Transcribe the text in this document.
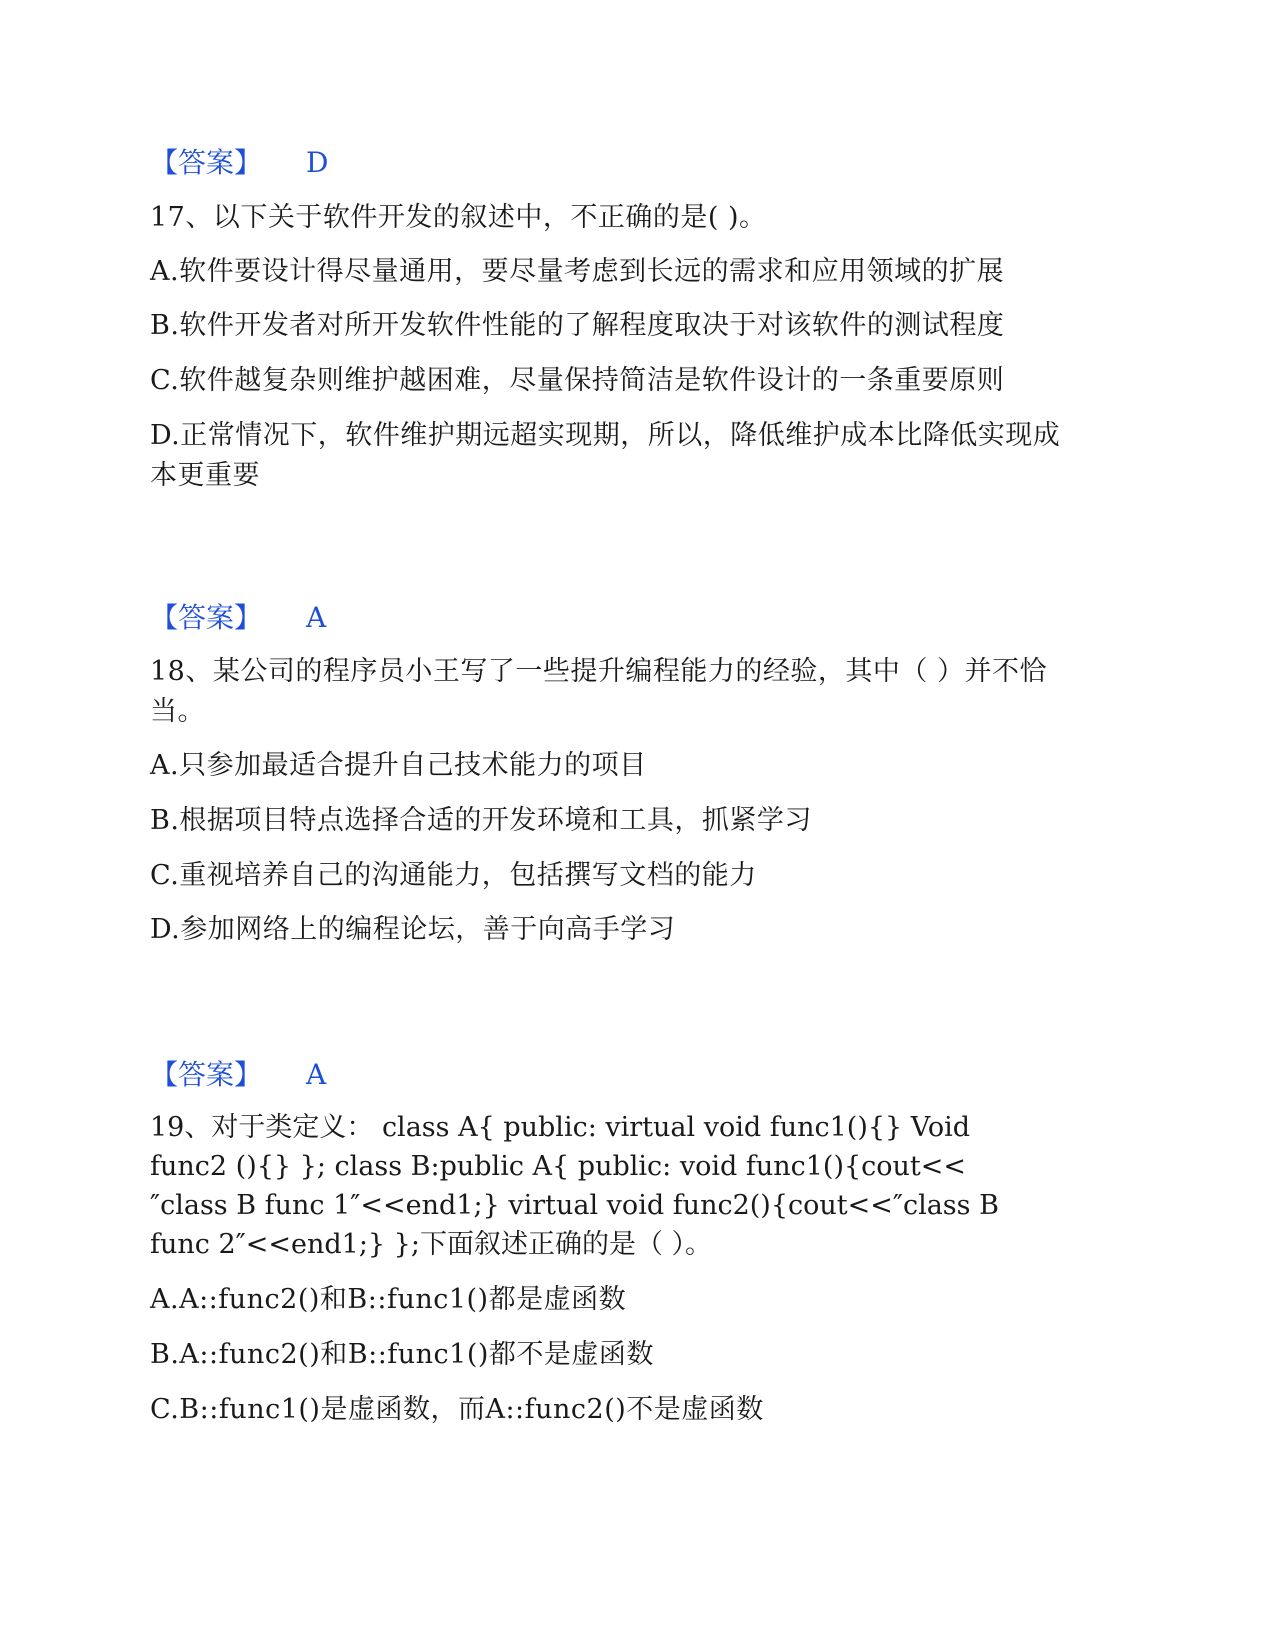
【答案】 D
17、以下关于软件开发的叙述中，不正确的是( )。
A.软件要设计得尽量通用，要尽量考虑到长远的需求和应用领域的扩展
B.软件开发者对所开发软件性能的了解程度取决于对该软件的测试程度
C.软件越复杂则维护越困难，尽量保持简洁是软件设计的一条重要原则
D.正常情况下，软件维护期远超实现期，所以，降低维护成本比降低实现成本更重要
【答案】 A
18、某公司的程序员小王写了一些提升编程能力的经验，其中（ ）并不恰当。
A.只参加最适合提升自己技术能力的项目
B.根据项目特点选择合适的开发环境和工具，抓紧学习
C.重视培养自己的沟通能力，包括撰写文档的能力
D.参加网络上的编程论坛，善于向高手学习
【答案】 A
19、对于类定义： class A{ public: virtual void func1(){} Void
func2 (){} }; class B:public A{ public: void func1(){cout<<
″class B func 1″<<end1;} virtual void func2(){cout<<″class B
func 2″<<end1;} };下面叙述正确的是（ ）。
A.A::func2()和B::func1()都是虚函数
B.A::func2()和B::func1()都不是虚函数
C.B::func1()是虚函数，而A::func2()不是虚函数
